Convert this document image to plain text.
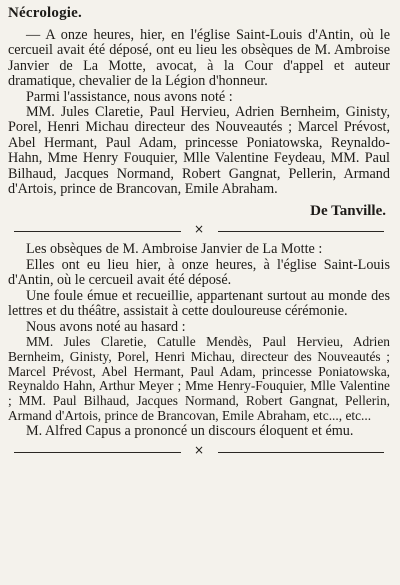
Nécrologie.

— A onze heures, hier, en l'église Saint-Louis d'Antin, où le cercueil avait été déposé, ont eu lieu les obsèques de M. Ambroise Janvier de La Motte, avocat, à la Cour d'appel et auteur dramatique, chevalier de la Légion d'honneur.

Parmi l'assistance, nous avons noté :

MM. Jules Claretie, Paul Hervieu, Adrien Bernheim, Ginisty, Porel, Henri Michau directeur des Nouveautés ; Marcel Prévost, Abel Hermant, Paul Adam, princesse Poniatowska, Reynaldo-Hahn, Mme Henry Fouquier, Mlle Valentine Feydeau, MM. Paul Bilhaud, Jacques Normand, Robert Gangnat, Pellerin, Armand d'Artois, prince de Brancovan, Emile Abraham.

De Tanville.
×

Les obsèques de M. Ambroise Janvier de La Motte :

Elles ont eu lieu hier, à onze heures, à l'église Saint-Louis d'Antin, où le cercueil avait été déposé.

Une foule émue et recueillie, appartenant surtout au monde des lettres et du théâtre, assistait à cette douloureuse cérémonie.

Nous avons noté au hasard :

MM. Jules Claretie, Catulle Mendès, Paul Hervieu, Adrien Bernheim, Ginisty, Porel, Henri Michau, directeur des Nouveautés ; Marcel Prévost, Abel Hermant, Paul Adam, princesse Poniatowska, Reynaldo Hahn, Arthur Meyer ; Mme Henry-Fouquier, Mlle Valentine ; MM. Paul Bilhaud, Jacques Normand, Robert Gangnat, Pellerin, Armand d'Artois, prince de Brancovan, Emile Abraham, etc..., etc...

M. Alfred Capus a prononcé un discours éloquent et ému.

×
